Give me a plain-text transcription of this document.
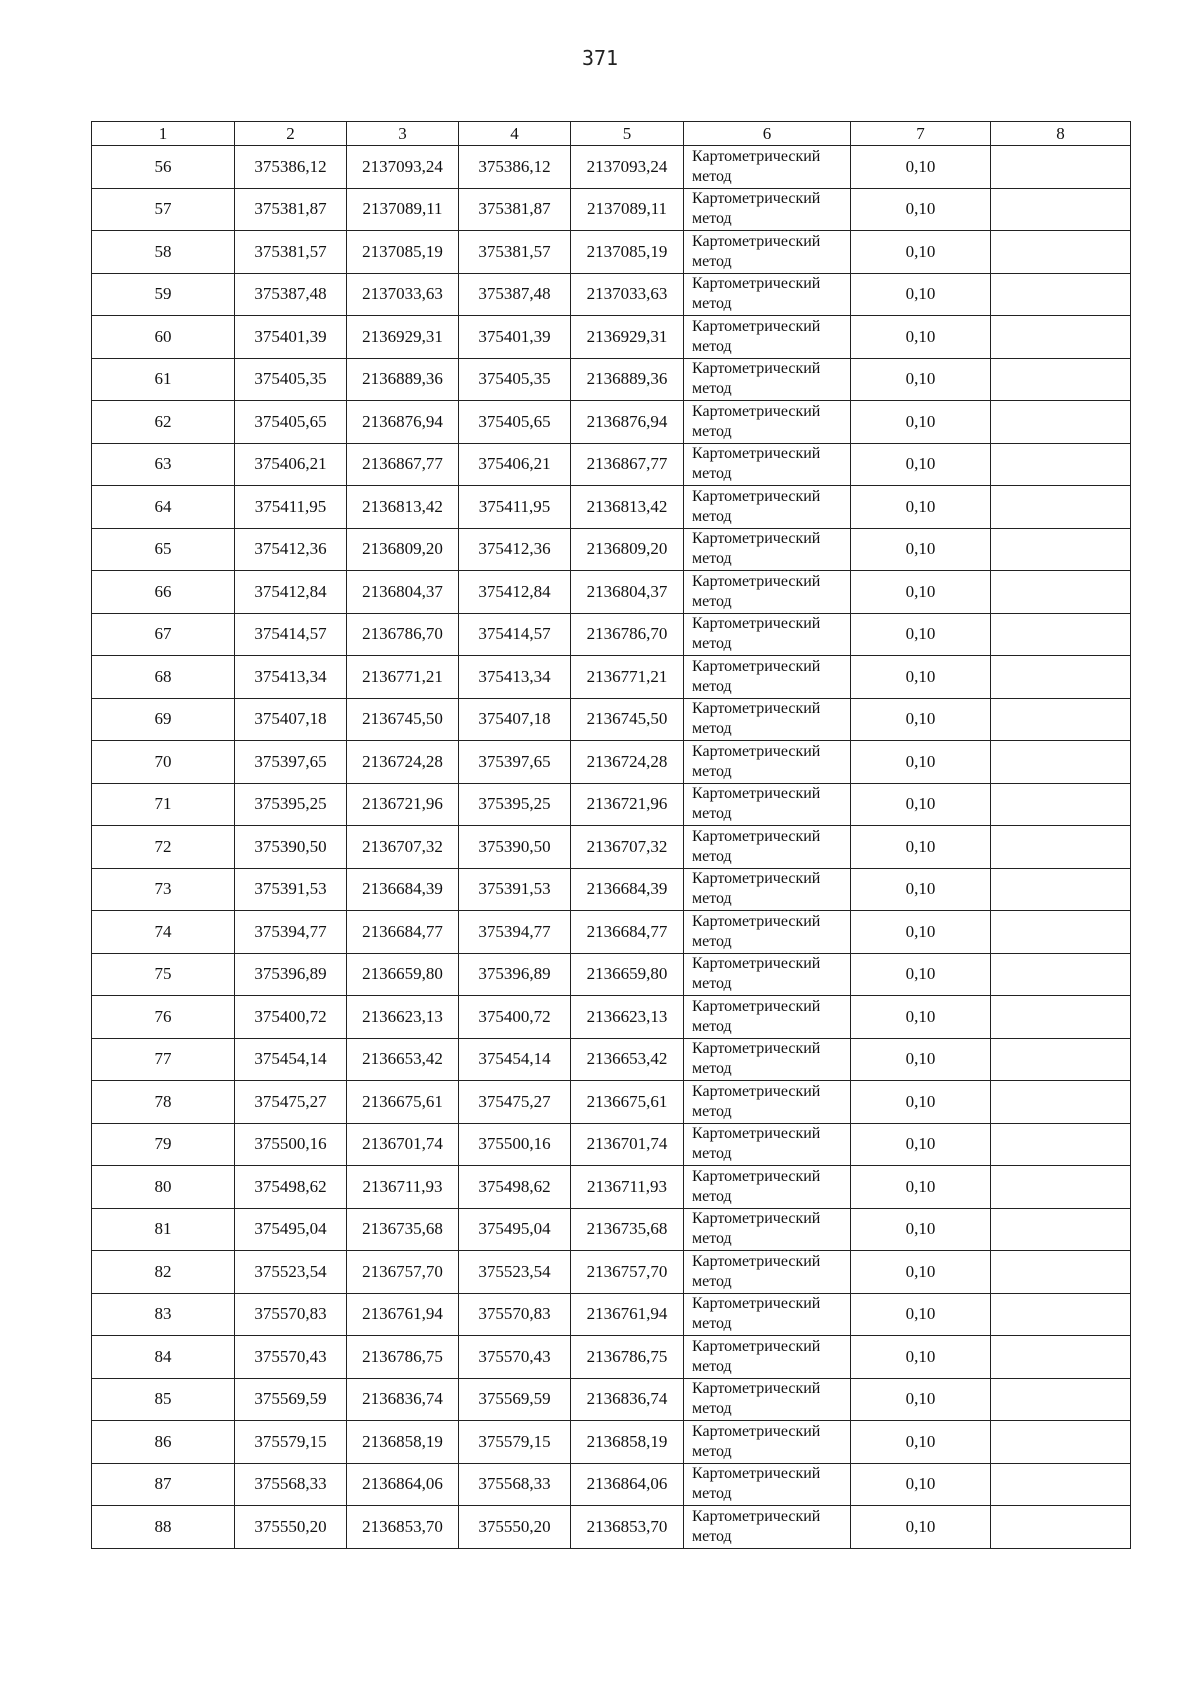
371
1	2	3	4	5	6	7	8
56	375386,12	2137093,24	375386,12	2137093,24	Картометрический метод	0,10	
57	375381,87	2137089,11	375381,87	2137089,11	Картометрический метод	0,10	
58	375381,57	2137085,19	375381,57	2137085,19	Картометрический метод	0,10	
59	375387,48	2137033,63	375387,48	2137033,63	Картометрический метод	0,10	
60	375401,39	2136929,31	375401,39	2136929,31	Картометрический метод	0,10	
61	375405,35	2136889,36	375405,35	2136889,36	Картометрический метод	0,10	
62	375405,65	2136876,94	375405,65	2136876,94	Картометрический метод	0,10	
63	375406,21	2136867,77	375406,21	2136867,77	Картометрический метод	0,10	
64	375411,95	2136813,42	375411,95	2136813,42	Картометрический метод	0,10	
65	375412,36	2136809,20	375412,36	2136809,20	Картометрический метод	0,10	
66	375412,84	2136804,37	375412,84	2136804,37	Картометрический метод	0,10	
67	375414,57	2136786,70	375414,57	2136786,70	Картометрический метод	0,10	
68	375413,34	2136771,21	375413,34	2136771,21	Картометрический метод	0,10	
69	375407,18	2136745,50	375407,18	2136745,50	Картометрический метод	0,10	
70	375397,65	2136724,28	375397,65	2136724,28	Картометрический метод	0,10	
71	375395,25	2136721,96	375395,25	2136721,96	Картометрический метод	0,10	
72	375390,50	2136707,32	375390,50	2136707,32	Картометрический метод	0,10	
73	375391,53	2136684,39	375391,53	2136684,39	Картометрический метод	0,10	
74	375394,77	2136684,77	375394,77	2136684,77	Картометрический метод	0,10	
75	375396,89	2136659,80	375396,89	2136659,80	Картометрический метод	0,10	
76	375400,72	2136623,13	375400,72	2136623,13	Картометрический метод	0,10	
77	375454,14	2136653,42	375454,14	2136653,42	Картометрический метод	0,10	
78	375475,27	2136675,61	375475,27	2136675,61	Картометрический метод	0,10	
79	375500,16	2136701,74	375500,16	2136701,74	Картометрический метод	0,10	
80	375498,62	2136711,93	375498,62	2136711,93	Картометрический метод	0,10	
81	375495,04	2136735,68	375495,04	2136735,68	Картометрический метод	0,10	
82	375523,54	2136757,70	375523,54	2136757,70	Картометрический метод	0,10	
83	375570,83	2136761,94	375570,83	2136761,94	Картометрический метод	0,10	
84	375570,43	2136786,75	375570,43	2136786,75	Картометрический метод	0,10	
85	375569,59	2136836,74	375569,59	2136836,74	Картометрический метод	0,10	
86	375579,15	2136858,19	375579,15	2136858,19	Картометрический метод	0,10	
87	375568,33	2136864,06	375568,33	2136864,06	Картометрический метод	0,10	
88	375550,20	2136853,70	375550,20	2136853,70	Картометрический метод	0,10	
